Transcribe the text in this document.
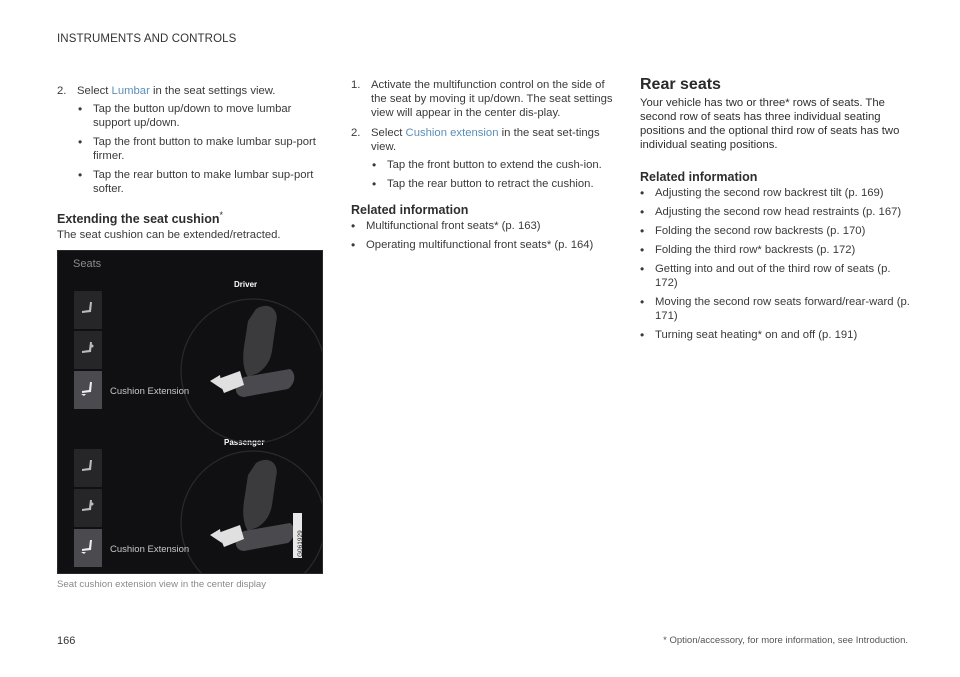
INSTRUMENTS AND CONTROLS
2. Select Lumbar in the seat settings view.
• Tap the button up/down to move lumbar support up/down.
• Tap the front button to make lumbar sup-port firmer.
• Tap the rear button to make lumbar sup-port softer.
Extending the seat cushion*

The seat cushion can be extended/retracted.

Seats
Driver
Passenger
Cushion Extension
Cushion Extension	G061929
Seat cushion extension view in the center display
1. Activate the multifunction control on the side of the seat by moving it up/down. The seat settings view will appear in the center dis-play.
2. Select Cushion extension in the seat set-tings view.
• Tap the front button to extend the cush-ion.
• Tap the rear button to retract the cushion.
Related information
• Multifunctional front seats* (p. 163)
• Operating multifunctional front seats* (p. 164)
Rear seats

Your vehicle has two or three* rows of seats. The second row of seats has three individual seating positions and the optional third row of seats has two individual seating positions.

Related information
• Adjusting the second row backrest tilt (p. 169)
• Adjusting the second row head restraints (p. 167)
• Folding the second row backrests (p. 170)
• Folding the third row* backrests (p. 172)
• Getting into and out of the third row of seats (p. 172)
• Moving the second row seats forward/rear-ward (p. 171)
• Turning seat heating* on and off (p. 191)
166	* Option/accessory, for more information, see Introduction.
